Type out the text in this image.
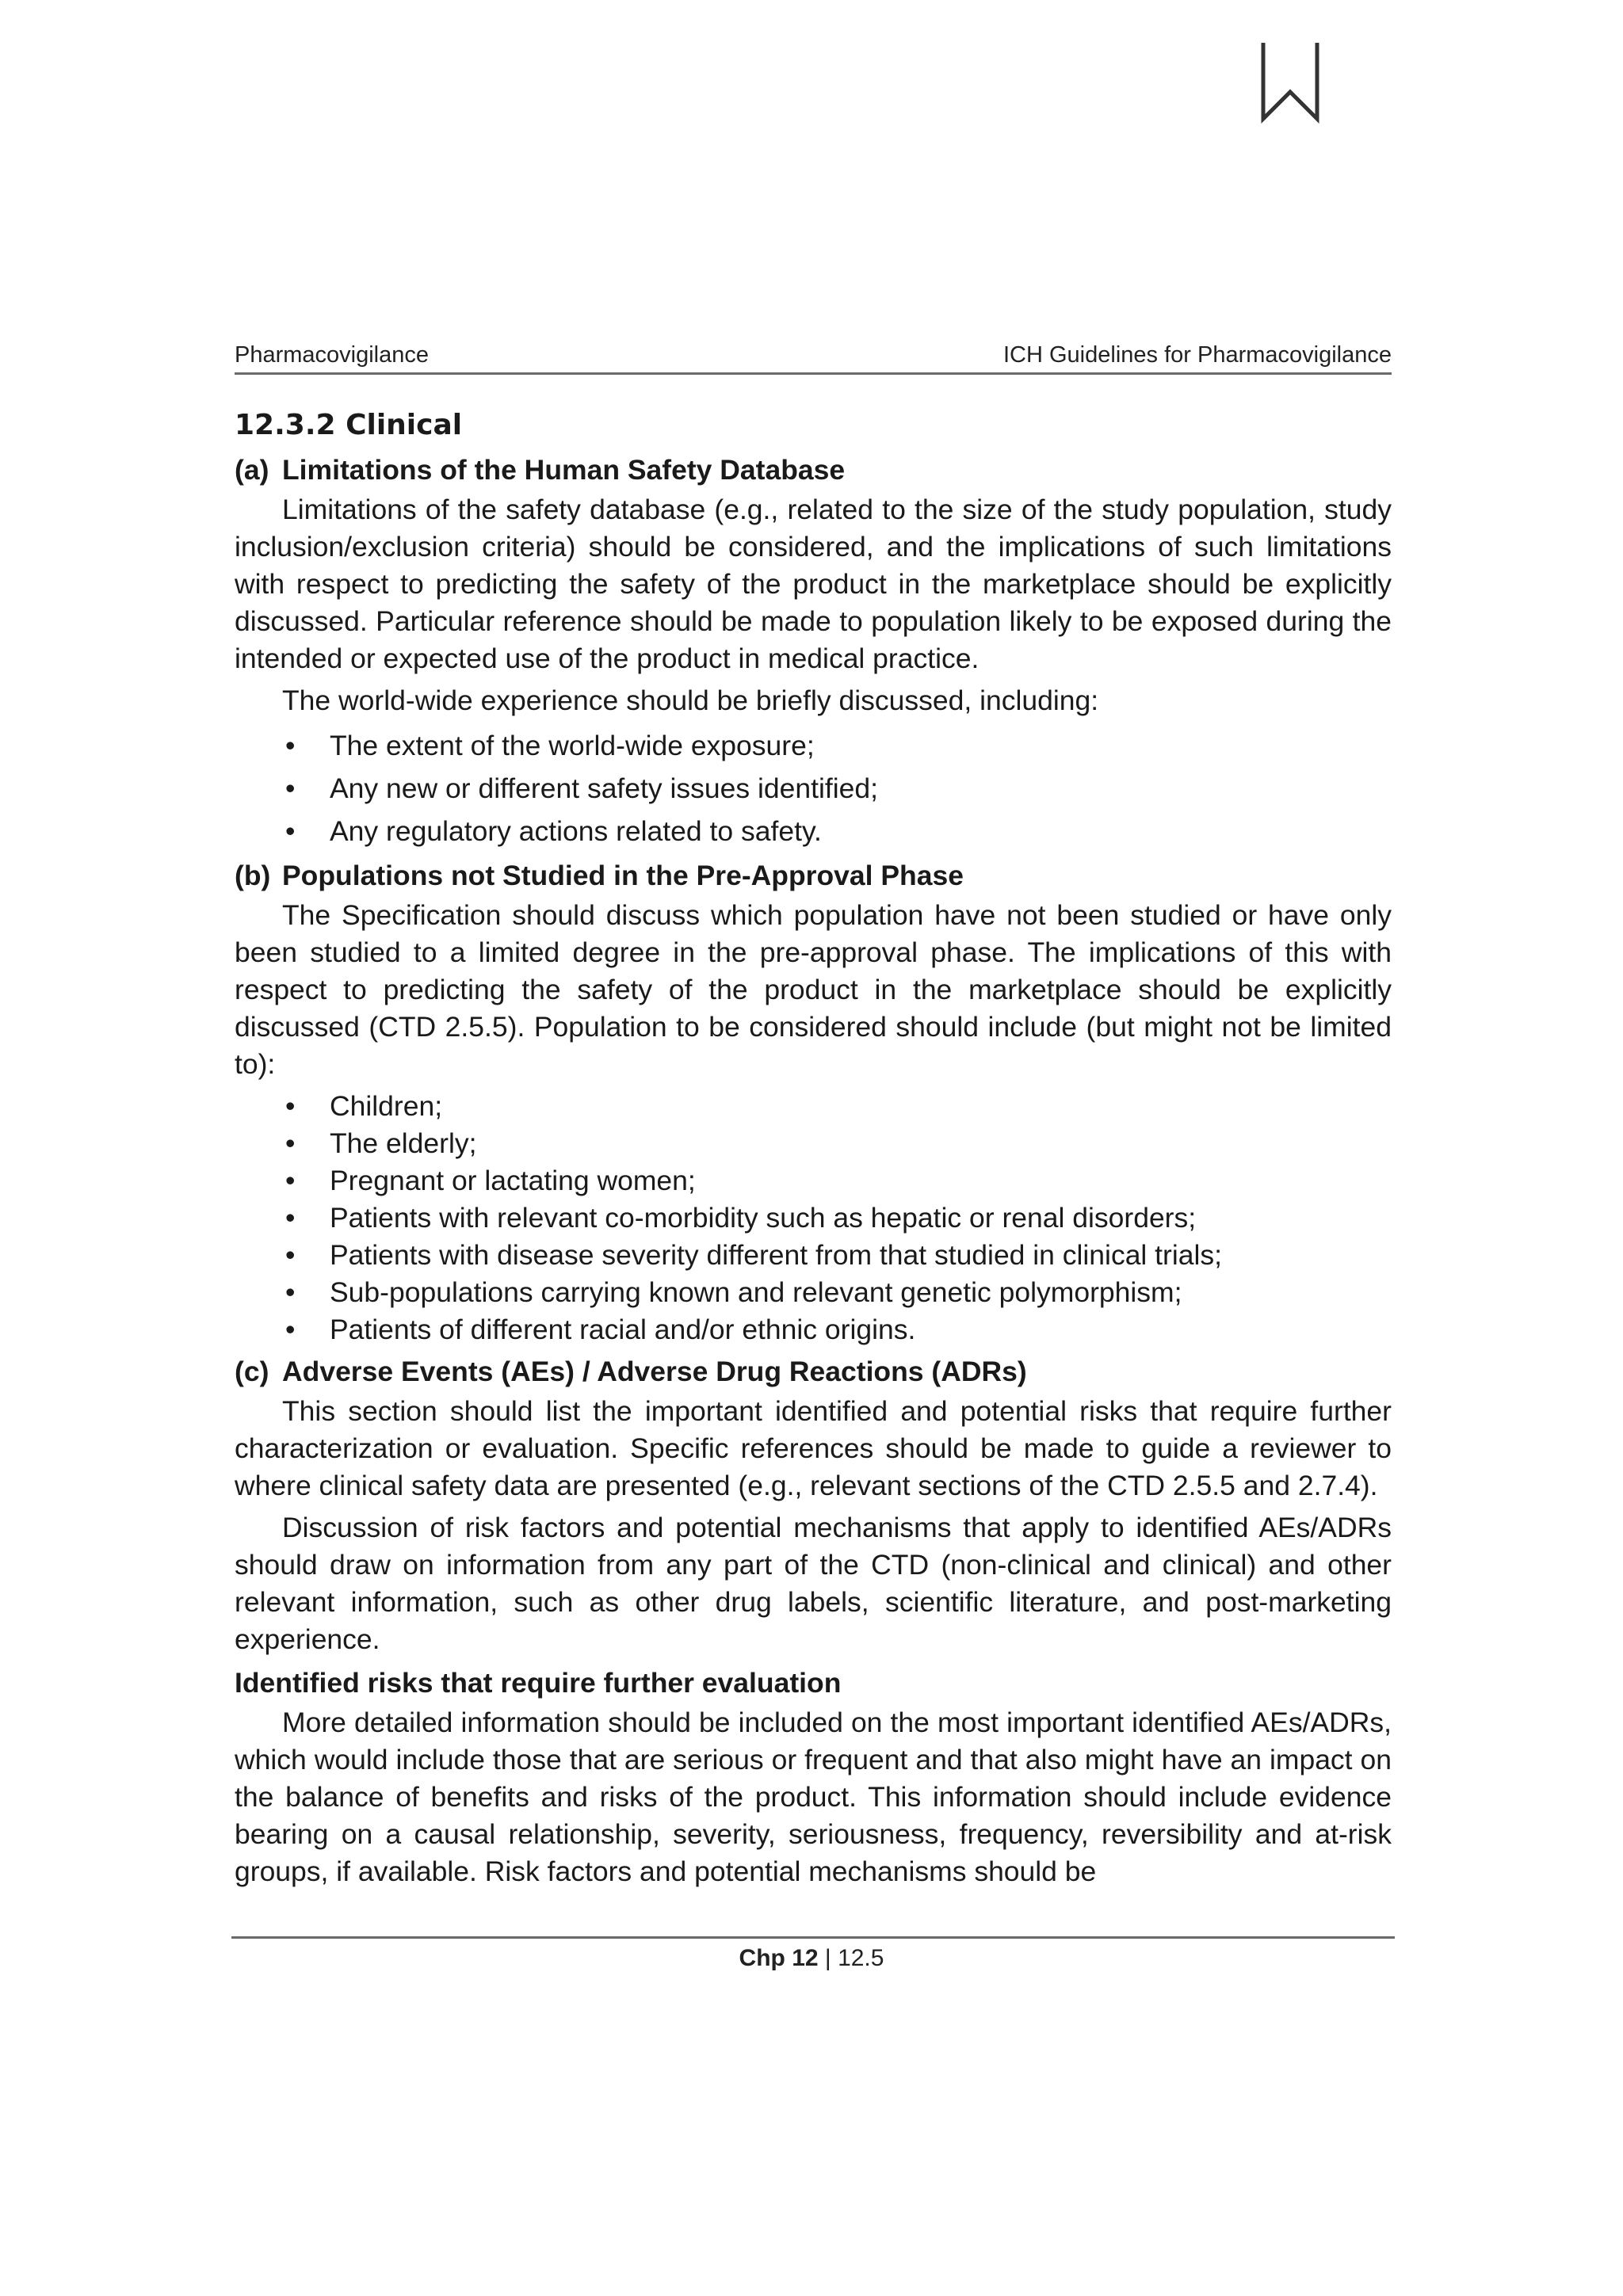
Pharmacovigilance	ICH Guidelines for Pharmacovigilance
12.3.2 Clinical
(a) Limitations of the Human Safety Database

Limitations of the safety database (e.g., related to the size of the study population, study inclusion/exclusion criteria) should be considered, and the implications of such limitations with respect to predicting the safety of the product in the marketplace should be explicitly discussed. Particular reference should be made to population likely to be exposed during the intended or expected use of the product in medical practice.

The world-wide experience should be briefly discussed, including:

•	The extent of the world-wide exposure;
•	Any new or different safety issues identified;
•	Any regulatory actions related to safety.
(b) Populations not Studied in the Pre-Approval Phase

The Specification should discuss which population have not been studied or have only been studied to a limited degree in the pre-approval phase. The implications of this with respect to predicting the safety of the product in the marketplace should be explicitly discussed (CTD 2.5.5). Population to be considered should include (but might not be limited to):

•	Children;
•	The elderly;
•	Pregnant or lactating women;
•	Patients with relevant co-morbidity such as hepatic or renal disorders;
•	Patients with disease severity different from that studied in clinical trials;
•	Sub-populations carrying known and relevant genetic polymorphism;
•	Patients of different racial and/or ethnic origins.
(c) Adverse Events (AEs) / Adverse Drug Reactions (ADRs)

This section should list the important identified and potential risks that require further characterization or evaluation. Specific references should be made to guide a reviewer to where clinical safety data are presented (e.g., relevant sections of the CTD 2.5.5 and 2.7.4).

Discussion of risk factors and potential mechanisms that apply to identified AEs/ADRs should draw on information from any part of the CTD (non-clinical and clinical) and other relevant information, such as other drug labels, scientific literature, and post-marketing experience.

Identified risks that require further evaluation

More detailed information should be included on the most important identified AEs/ADRs, which would include those that are serious or frequent and that also might have an impact on the balance of benefits and risks of the product. This information should include evidence bearing on a causal relationship, severity, seriousness, frequency, reversibility and at-risk groups, if available. Risk factors and potential mechanisms should be

Chp 12 | 12.5
